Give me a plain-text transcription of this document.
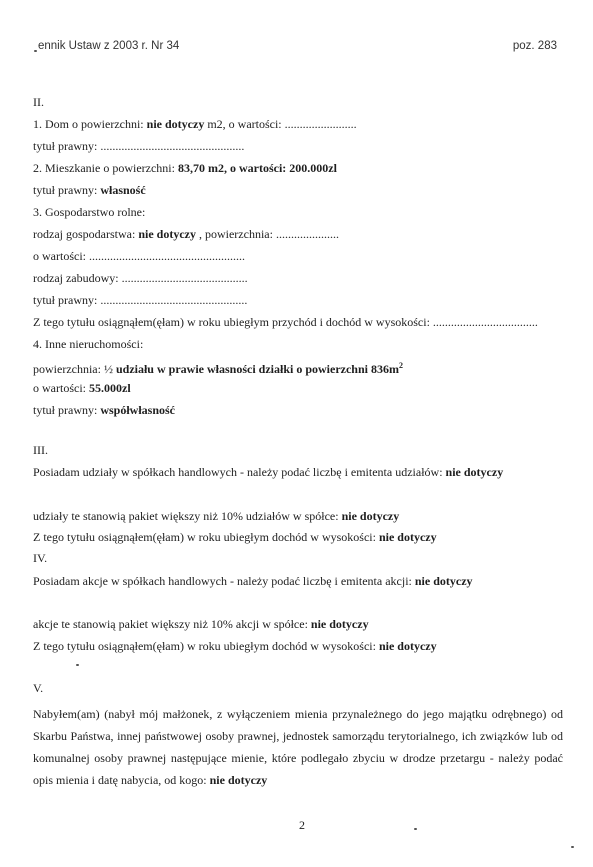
ennik Ustaw z 2003 r. Nr 34	poz. 283
II.
1. Dom o powierzchni: nie dotyczy m2, o wartości: ........................
tytuł prawny: ................................................
2. Mieszkanie o powierzchni: 83,70 m2, o wartości: 200.000zl
tytuł prawny: własność
3. Gospodarstwo rolne:
rodzaj gospodarstwa: nie dotyczy , powierzchnia: .....................
o wartości: ....................................................
rodzaj zabudowy: ..........................................
tytuł prawny: .................................................
Z tego tytułu osiągnąłem(ęłam) w roku ubiegłym przychód i dochód w wysokości: ...................................
4. Inne nieruchomości:
powierzchnia: ½ udziału w prawie własności działki o powierzchni $836m^2$
o wartości: 55.000zl
tytuł prawny: współwłasność
III.
Posiadam udziały w spółkach handlowych - należy podać liczbę i emitenta udziałów: nie dotyczy
udziały te stanowią pakiet większy niż 10% udziałów w spółce: nie dotyczy
Z tego tytułu osiągnąłem(ęłam) w roku ubiegłym dochód w wysokości: nie dotyczy
IV.
Posiadam akcje w spółkach handlowych - należy podać liczbę i emitenta akcji: nie dotyczy
akcje te stanowią pakiet większy niż 10% akcji w spółce: nie dotyczy
Z tego tytułu osiągnąłem(ęłam) w roku ubiegłym dochód w wysokości: nie dotyczy
V.
Nabyłem(am) (nabył mój małżonek, z wyłączeniem mienia przynależnego do jego majątku odrębnego) od Skarbu Państwa, innej państwowej osoby prawnej, jednostek samorządu terytorialnego, ich związków lub od komunalnej osoby prawnej następujące mienie, które podlegało zbyciu w drodze przetargu - należy podać opis mienia i datę nabycia, od kogo: nie dotyczy
2
